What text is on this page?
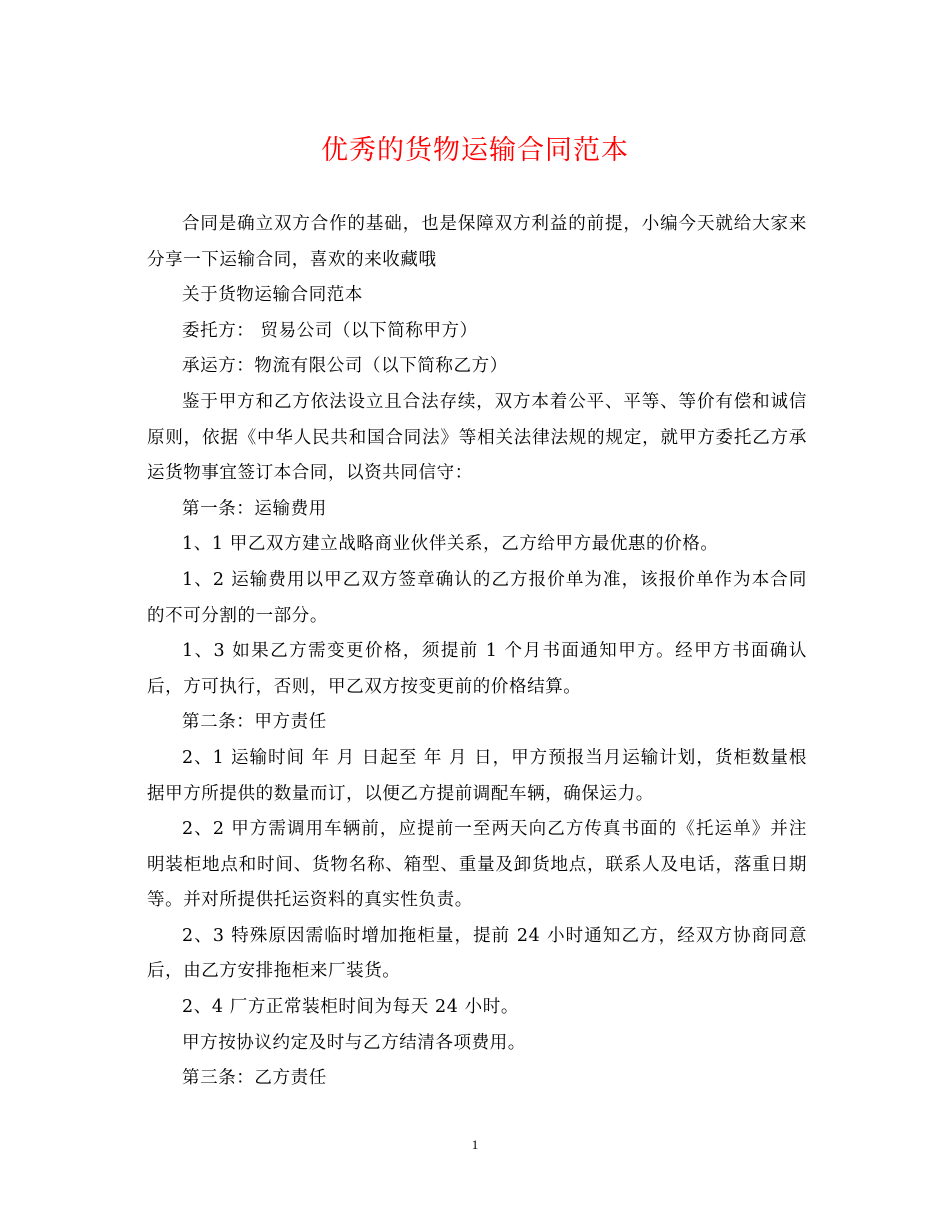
优秀的货物运输合同范本

合同是确立双方合作的基础，也是保障双方利益的前提，小编今天就给大家来分享一下运输合同，喜欢的来收藏哦

关于货物运输合同范本

委托方： 贸易公司（以下简称甲方）

承运方：物流有限公司（以下简称乙方）

鉴于甲方和乙方依法设立且合法存续，双方本着公平、平等、等价有偿和诚信原则，依据《中华人民共和国合同法》等相关法律法规的规定，就甲方委托乙方承运货物事宜签订本合同，以资共同信守：

第一条：运输费用

1、1 甲乙双方建立战略商业伙伴关系，乙方给甲方最优惠的价格。

1、2 运输费用以甲乙双方签章确认的乙方报价单为准，该报价单作为本合同的不可分割的一部分。

1、3 如果乙方需变更价格，须提前 1 个月书面通知甲方。经甲方书面确认后，方可执行，否则，甲乙双方按变更前的价格结算。

第二条：甲方责任

2、1 运输时间 年 月 日起至 年 月 日，甲方预报当月运输计划，货柜数量根据甲方所提供的数量而订，以便乙方提前调配车辆，确保运力。

2、2 甲方需调用车辆前，应提前一至两天向乙方传真书面的《托运单》并注明装柜地点和时间、货物名称、箱型、重量及卸货地点，联系人及电话，落重日期等。并对所提供托运资料的真实性负责。

2、3 特殊原因需临时增加拖柜量，提前 24 小时通知乙方，经双方协商同意后，由乙方安排拖柜来厂装货。

2、4 厂方正常装柜时间为每天 24 小时。

甲方按协议约定及时与乙方结清各项费用。

第三条：乙方责任

1
